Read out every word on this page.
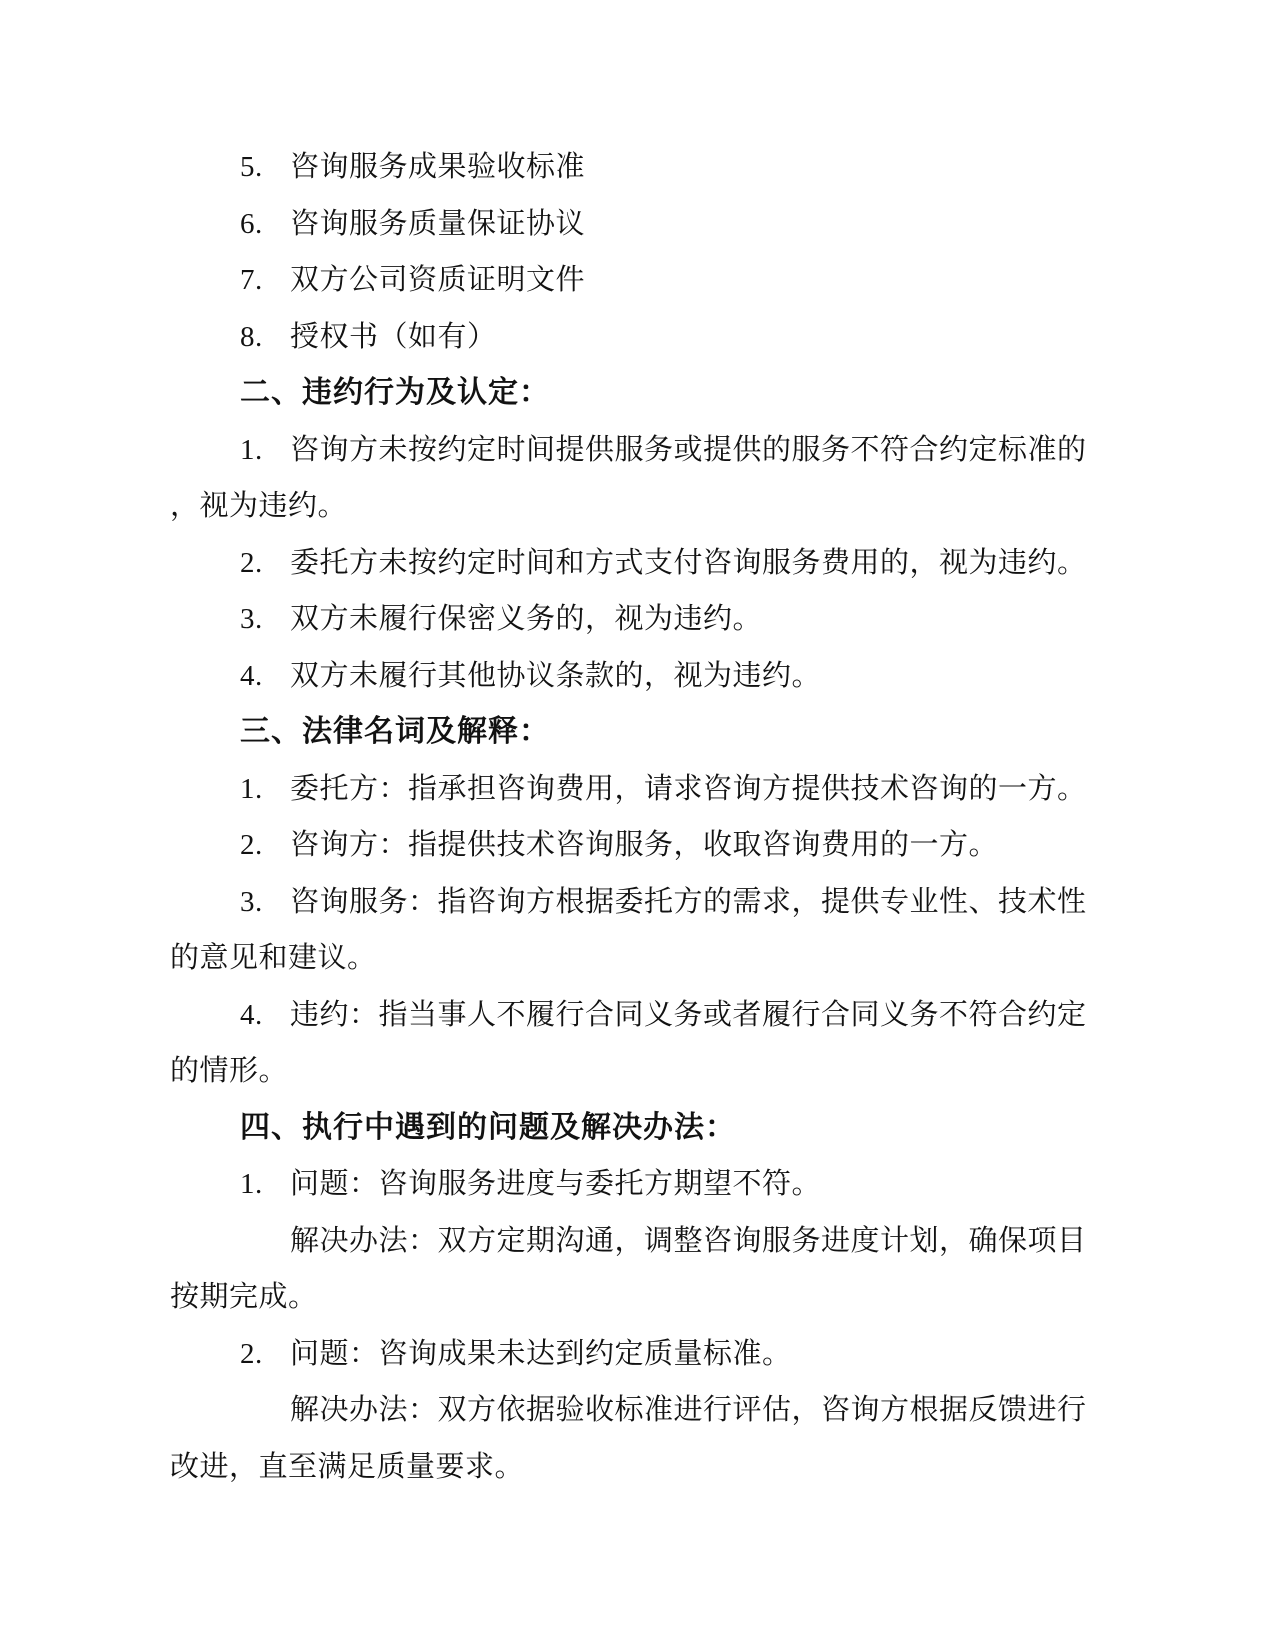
5. 咨询服务成果验收标准
6. 咨询服务质量保证协议
7. 双方公司资质证明文件
8. 授权书（如有）
二、违约行为及认定：
1. 咨询方未按约定时间提供服务或提供的服务不符合约定标准的
，视为违约。
2. 委托方未按约定时间和方式支付咨询服务费用的，视为违约。
3. 双方未履行保密义务的，视为违约。
4. 双方未履行其他协议条款的，视为违约。
三、法律名词及解释：
1. 委托方：指承担咨询费用，请求咨询方提供技术咨询的一方。
2. 咨询方：指提供技术咨询服务，收取咨询费用的一方。
3. 咨询服务：指咨询方根据委托方的需求，提供专业性、技术性
的意见和建议。
4. 违约：指当事人不履行合同义务或者履行合同义务不符合约定
的情形。
四、执行中遇到的问题及解决办法：
1. 问题：咨询服务进度与委托方期望不符。
解决办法：双方定期沟通，调整咨询服务进度计划，确保项目
按期完成。
2. 问题：咨询成果未达到约定质量标准。
解决办法：双方依据验收标准进行评估，咨询方根据反馈进行
改进，直至满足质量要求。
